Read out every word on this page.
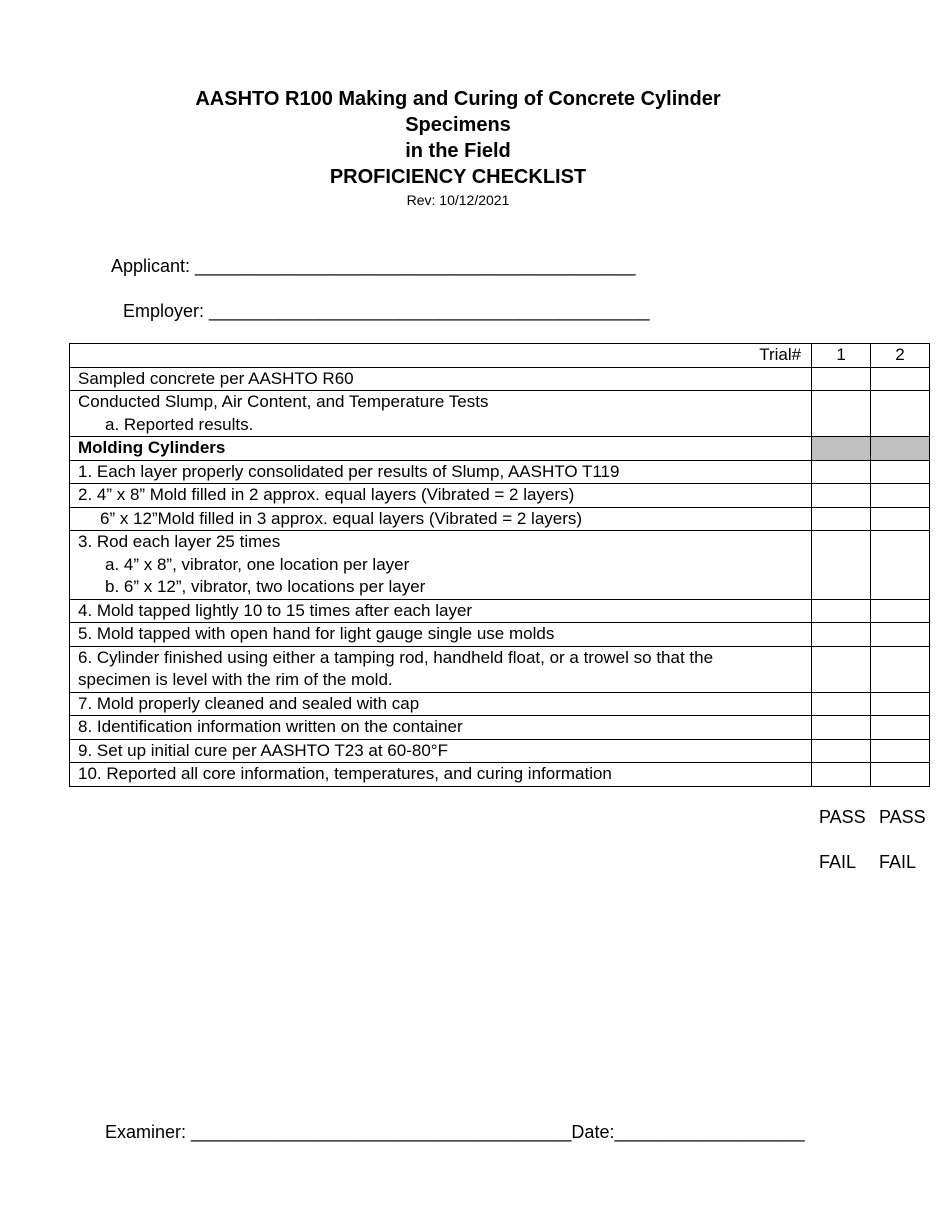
AASHTO R100 Making and Curing of Concrete Cylinder
Specimens
in the Field
PROFICIENCY CHECKLIST
Rev: 10/12/2021
Applicant: ____________________________________________
Employer: ____________________________________________
Trial#	1	2

Sampled concrete per AASHTO R60		

Conducted Slump, Air Content, and Temperature Tests
a. Reported results.		

Molding Cylinders		

1. Each layer properly consolidated per results of Slump, AASHTO T119		

2. 4” x 8” Mold filled in 2 approx. equal layers (Vibrated = 2 layers)		

6” x 12”Mold filled in 3 approx. equal layers (Vibrated = 2 layers)		

3. Rod each layer 25 times
a. 4” x 8”, vibrator, one location per layer
b. 6” x 12”, vibrator, two locations per layer		

4. Mold tapped lightly 10 to 15 times after each layer		

5. Mold tapped with open hand for light gauge single use molds		

6. Cylinder finished using either a tamping rod, handheld float, or a trowel so that the
specimen is level with the rim of the mold.		

7. Mold properly cleaned and sealed with cap		

8. Identification information written on the container		

9. Set up initial cure per AASHTO T23 at 60-80°F		

10. Reported all core information, temperatures, and curing information		

PASS PASS
FAIL FAIL
Examiner: ______________________________________Date:___________________
